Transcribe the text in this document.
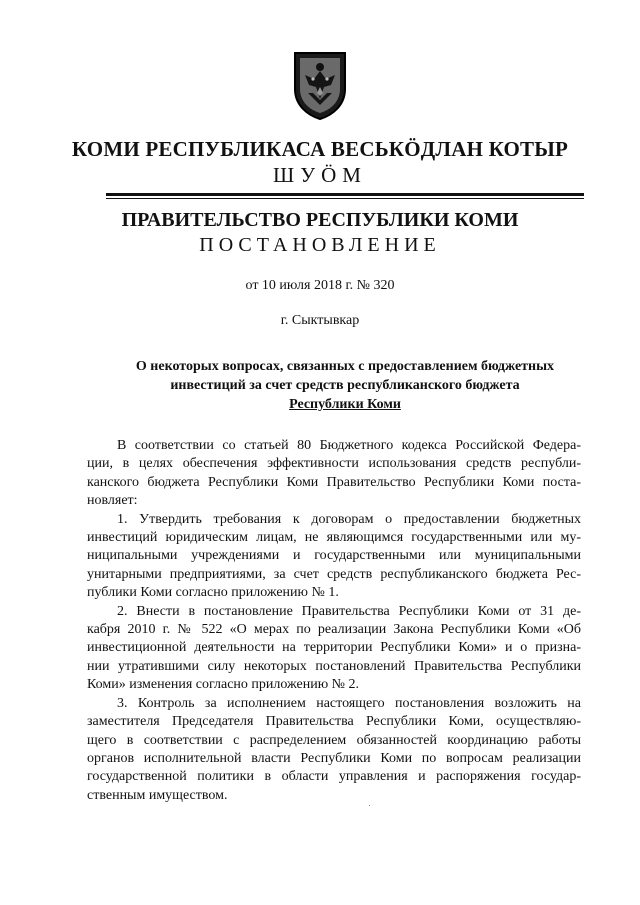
КОМИ РЕСПУБЛИКАСА ВЕСЬКӦДЛАН КОТЫР
ШУӦМ
ПРАВИТЕЛЬСТВО РЕСПУБЛИКИ КОМИ
ПОСТАНОВЛЕНИЕ
от 10 июля 2018 г. № 320
г. Сыктывкар
О некоторых вопросах, связанных с предоставлением бюджетных
инвестиций за счет средств республиканского бюджета
Республики Коми
В соответствии со статьей 80 Бюджетного кодекса Российской Федера-
ции, в целях обеспечения эффективности использования средств республи-
канского бюджета Республики Коми Правительство Республики Коми поста-
новляет:
1. Утвердить требования к договорам о предоставлении бюджетных
инвестиций юридическим лицам, не являющимся государственными или му-
ниципальными учреждениями и государственными или муниципальными
унитарными предприятиями, за счет средств республиканского бюджета Рес-
публики Коми согласно приложению № 1.
2. Внести в постановление Правительства Республики Коми от 31 де-
кабря 2010 г. № 522 «О мерах по реализации Закона Республики Коми «Об
инвестиционной деятельности на территории Республики Коми» и о призна-
нии утратившими силу некоторых постановлений Правительства Республики
Коми» изменения согласно приложению № 2.
3. Контроль за исполнением настоящего постановления возложить на
заместителя Председателя Правительства Республики Коми, осуществляю-
щего в соответствии с распределением обязанностей координацию работы
органов исполнительной власти Республики Коми по вопросам реализации
государственной политики в области управления и распоряжения государ-
ственным имуществом.
